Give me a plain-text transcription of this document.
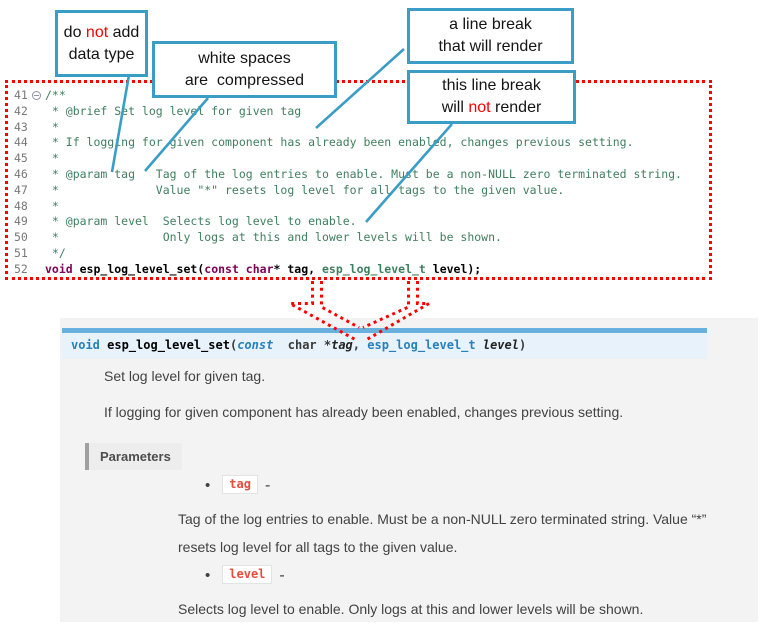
41 /**
42 * @brief Set log level for given tag
43 *
44 * If logging for given component has already been enabled, changes previous setting.
45 *
46 * @param tag   Tag of the log entries to enable. Must be a non-NULL zero terminated string.
47 *              Value "*" resets log level for all tags to the given value.
48 *
49 * @param level  Selects log level to enable.
50 *               Only logs at this and lower levels will be shown.
51 */
52 void esp_log_level_set(const char* tag, esp_log_level_t level);
void esp_log_level_set(const  char *tag, esp_log_level_t level)

Set log level for given tag.

If logging for given component has already been enabled, changes previous setting.

Parameters
• tag -
Tag of the log entries to enable. Must be a non-NULL zero terminated string. Value “*”
resets log level for all tags to the given value.
• level -
Selects log level to enable. Only logs at this and lower levels will be shown.
do not add
data type	white spaces
are  compressed
a line break
that will render
this line break
will not render
